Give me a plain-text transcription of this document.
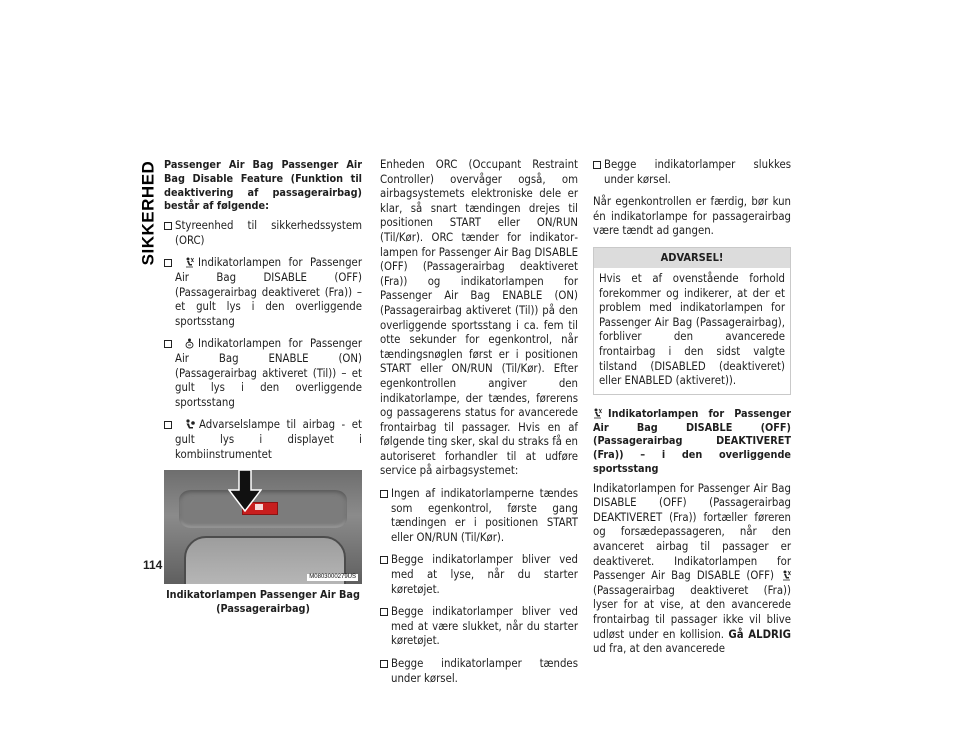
SIKKERHED
114

Passenger Air Bag Passenger Air Bag Disable Feature (Funktion til deaktivering af passagerairbag) består af følgende:

Styreenhed til sikkerhedssystem (ORC)
Indikatorlampen for Passenger Air Bag DISABLE (OFF) (Passagerairbag deaktiveret (Fra)) – et gult lys i den overliggende sportsstang
Indikatorlampen for Passenger Air Bag ENABLE (ON) (Passagerairbag aktiveret (Til)) – et gult lys i den overliggende sportsstang
Advarselslampe til airbag - et gult lys i displayet i kombiinstrumentet
M0803000279US
Indikatorlampen Passenger Air Bag
(Passagerairbag)

Enheden ORC (Occupant Restraint Controller) overvåger også, om airbagsystemets elektroniske dele er klar, så snart tændingen drejes til positionen START eller ON/RUN (Til/Kør). ORC tænder for indikatorlampen for Passenger Air Bag DISABLE (OFF) (Passagerairbag deaktiveret (Fra)) og indikatorlampen for Passenger Air Bag ENABLE (ON) (Passagerairbag aktiveret (Til)) på den overliggende sportsstang i ca. fem til otte sekunder for egenkontrol, når tændingsnøglen først er i positionen START eller ON/RUN (Til/Kør). Efter egenkontrollen angiver den indikatorlampe, der tændes, førerens og passagerens status for avancerede frontairbag til passager. Hvis en af følgende ting sker, skal du straks få en autoriseret forhandler til at udføre service på airbagsystemet:

Ingen af indikatorlamperne tændes som egenkontrol, første gang tændingen er i positionen START eller ON/RUN (Til/Kør).
Begge indikatorlamper bliver ved med at lyse, når du starter køretøjet.
Begge indikatorlamper bliver ved med at være slukket, når du starter køretøjet.
Begge indikatorlamper tændes under kørsel.
Begge indikatorlamper slukkes under kørsel.

Når egenkontrollen er færdig, bør kun én indikatorlampe for passagerairbag være tændt ad gangen.

ADVARSEL!
Hvis et af ovenstående forhold forekommer og indikerer, at der et problem med indikatorlampen for Passenger Air Bag (Passagerairbag), forbliver den avancerede frontairbag i den sidst valgte tilstand (DISABLED (deaktiveret) eller ENABLED (aktiveret)).

Indikatorlampen for Passenger Air Bag DISABLE (OFF) (Passagerairbag DEAKTIVERET (Fra)) – i den overliggende sportsstang

Indikatorlampen for Passenger Air Bag DISABLE (OFF) (Passagerairbag DEAKTIVERET (Fra)) fortæller føreren og forsædepassageren, når den avanceret airbag til passager er deaktiveret. Indikatorlampen for Passenger Air Bag DISABLE (OFF) (Passagerairbag deaktiveret (Fra)) lyser for at vise, at den avancerede frontairbag til passager ikke vil blive udløst under en kollision. Gå ALDRIG ud fra, at den avancerede
